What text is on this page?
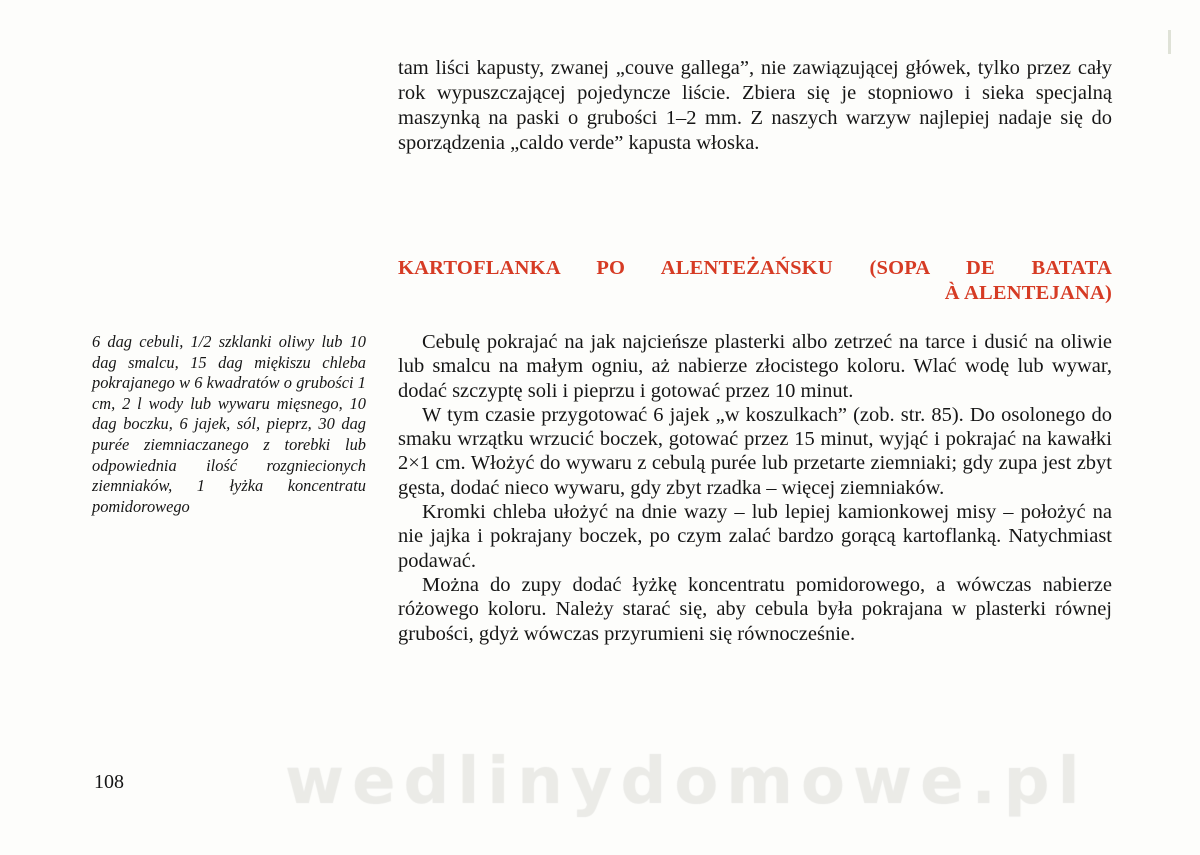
tam liści kapusty, zwanej „couve gallega”, nie zawiązującej główek, tylko przez cały rok wypuszczającej pojedyncze liście. Zbiera się je stopniowo i sieka specjalną maszynką na paski o grubości 1–2 mm. Z naszych warzyw najlepiej nadaje się do sporządzenia „caldo verde” kapusta włoska.

KARTOFLANKA PO ALENTEŻAŃSKU (SOPA DE BATATA
À ALENTEJANA)

6 dag cebuli, 1/2 szklanki oliwy lub 10 dag smalcu, 15 dag miękiszu chleba pokrajanego w 6 kwadratów o grubości 1 cm, 2 l wody lub wywaru mięsnego, 10 dag boczku, 6 jajek, sól, pieprz, 30 dag purée ziemniaczanego z torebki lub odpowiednia ilość rozgniecionych ziemniaków, 1 łyżka koncentratu pomidorowego

Cebulę pokrajać na jak najcieńsze plasterki albo zetrzeć na tarce i dusić na oliwie lub smalcu na małym ogniu, aż nabierze złocistego koloru. Wlać wodę lub wywar, dodać szczyptę soli i pieprzu i gotować przez 10 minut.

W tym czasie przygotować 6 jajek „w koszulkach” (zob. str. 85). Do osolonego do smaku wrzątku wrzucić boczek, gotować przez 15 minut, wyjąć i pokrajać na kawałki 2×1 cm. Włożyć do wywaru z cebulą purée lub przetarte ziemniaki; gdy zupa jest zbyt gęsta, dodać nieco wywaru, gdy zbyt rzadka – więcej ziemniaków.

Kromki chleba ułożyć na dnie wazy – lub lepiej kamionkowej misy – położyć na nie jajka i pokrajany boczek, po czym zalać bardzo gorącą kartoflanką. Natychmiast podawać.

Można do zupy dodać łyżkę koncentratu pomidorowego, a wówczas nabierze różowego koloru. Należy starać się, aby cebula była pokrajana w plasterki równej grubości, gdyż wówczas przyrumieni się równocześnie.

108	wedlinydomowe.pl
